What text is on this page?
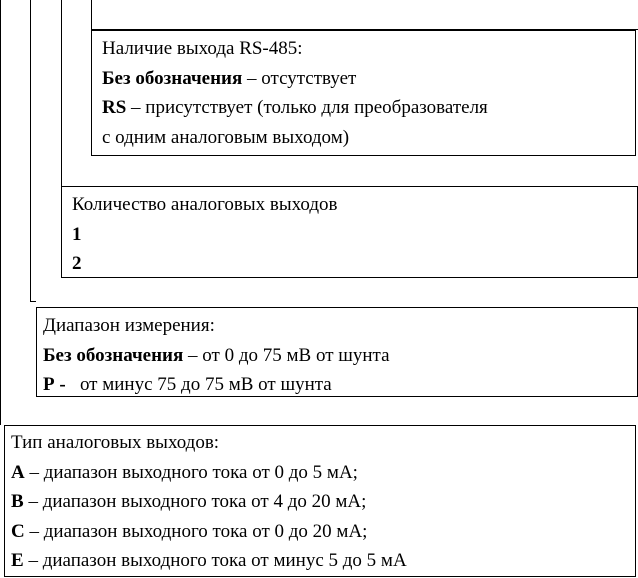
Наличие выхода RS-485:
Без обозначения – отсутствует
RS – присутствует (только для преобразователя
с одним аналоговым выходом)
Количество аналоговых выходов
1
2
Диапазон измерения:
Без обозначения – от 0 до 75 мВ от шунта
Р -   от минус 75 до 75 мВ от шунта
Тип аналоговых выходов:
А – диапазон выходного тока от 0 до 5 мА;
В – диапазон выходного тока от 4 до 20 мА;
С – диапазон выходного тока от 0 до 20 мА;
Е – диапазон выходного тока от минус 5 до 5 мА
